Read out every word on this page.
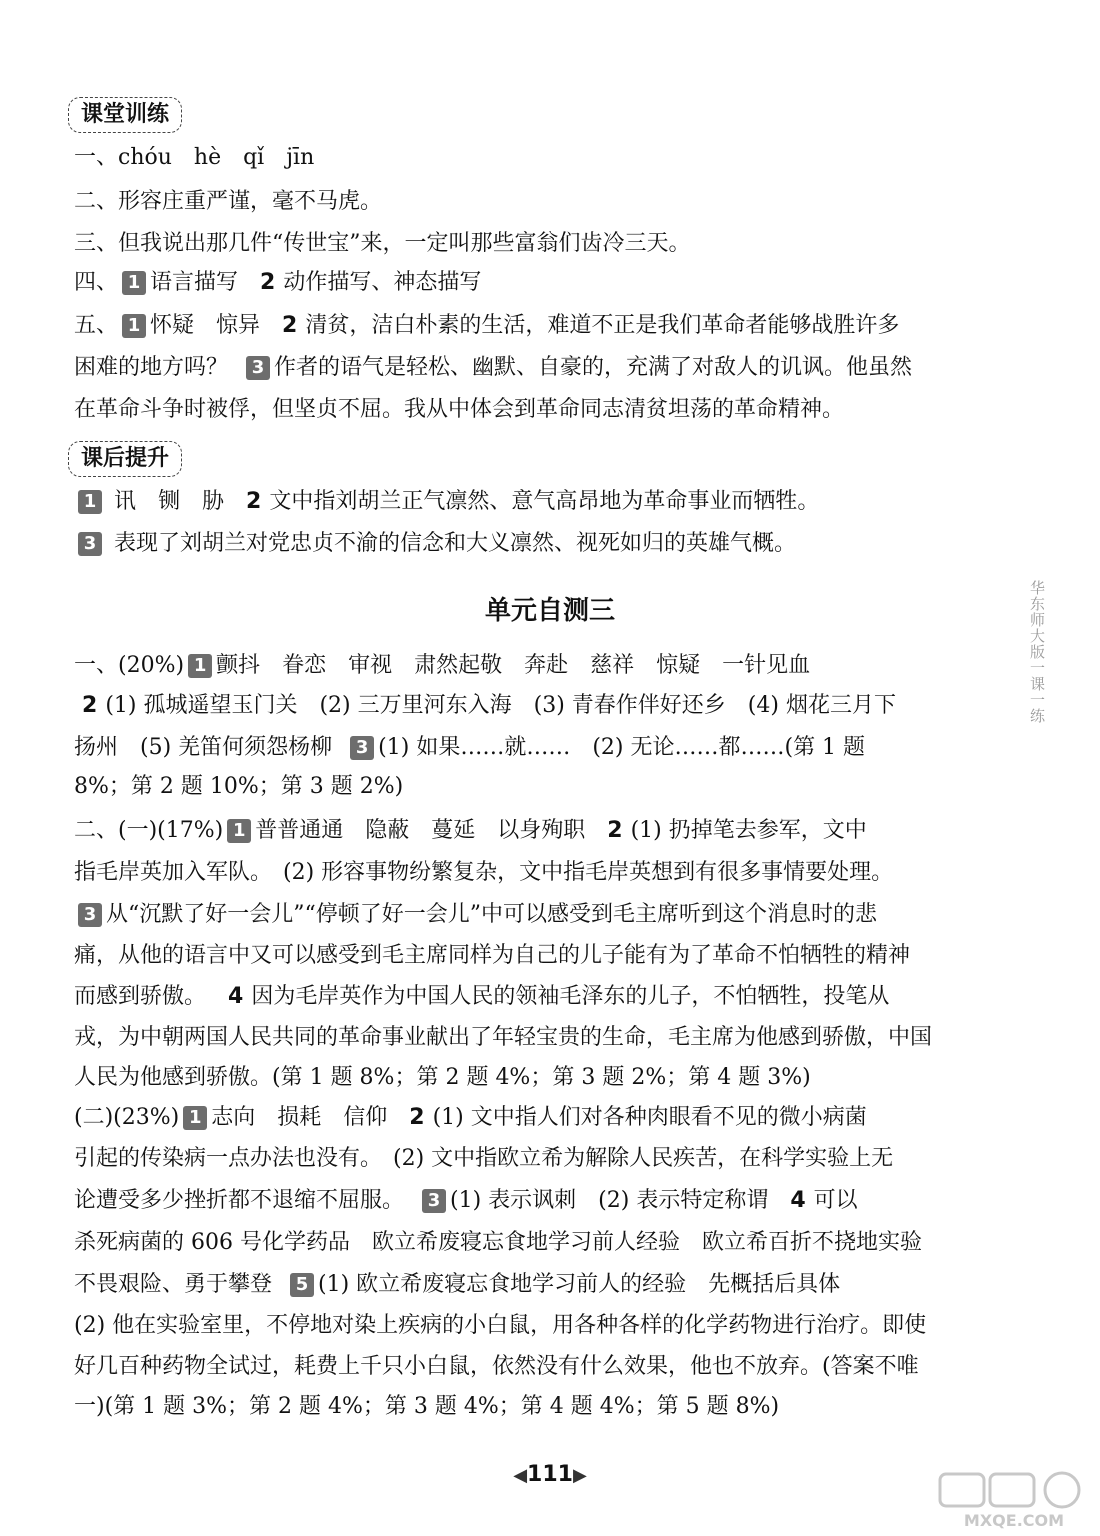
课堂训练
一、chóu　hè　qǐ　jīn
二、形容庄重严谨，毫不马虎。
三、但我说出那几件“传世宝”来，一定叫那些富翁们齿冷三天。
四、 1 语言描写 2 动作描写、神态描写
五、 1 怀疑　惊异 2 清贫，洁白朴素的生活，难道不正是我们革命者能够战胜许多
困难的地方吗？ 3 作者的语气是轻松、幽默、自豪的，充满了对敌人的讥讽。他虽然
在革命斗争时被俘，但坚贞不屈。我从中体会到革命同志清贫坦荡的革命精神。
课后提升
1 讯　铡　胁 2 文中指刘胡兰正气凛然、意气高昂地为革命事业而牺牲。
3 表现了刘胡兰对党忠贞不渝的信念和大义凛然、视死如归的英雄气概。
单元自测三
一、(20%) 1 颤抖　眷恋　审视　肃然起敬　奔赴　慈祥　惊疑　一针见血
2 (1) 孤城遥望玉门关　(2) 三万里河东入海　(3) 青春作伴好还乡　(4) 烟花三月下
扬州　(5) 羌笛何须怨杨柳 3 (1) 如果……就……　(2) 无论……都……(第 1 题
8%；第 2 题 10%；第 3 题 2%)
二、(一)(17%) 1 普普通通　隐蔽　蔓延　以身殉职 2 (1) 扔掉笔去参军，文中
指毛岸英加入军队。　(2) 形容事物纷繁复杂，文中指毛岸英想到有很多事情要处理。
3 从“沉默了好一会儿”“停顿了好一会儿”中可以感受到毛主席听到这个消息时的悲
痛，从他的语言中又可以感受到毛主席同样为自己的儿子能有为了革命不怕牺牲的精神
而感到骄傲。 4 因为毛岸英作为中国人民的领袖毛泽东的儿子，不怕牺牲，投笔从
戎，为中朝两国人民共同的革命事业献出了年轻宝贵的生命，毛主席为他感到骄傲，中国
人民为他感到骄傲。(第 1 题 8%；第 2 题 4%；第 3 题 2%；第 4 题 3%)
(二)(23%) 1 志向　损耗　信仰 2 (1) 文中指人们对各种肉眼看不见的微小病菌
引起的传染病一点办法也没有。　(2) 文中指欧立希为解除人民疾苦，在科学实验上无
论遭受多少挫折都不退缩不屈服。 3 (1) 表示讽刺　(2) 表示特定称谓 4 可以
杀死病菌的 606 号化学药品　欧立希废寝忘食地学习前人经验　欧立希百折不挠地实验
不畏艰险、勇于攀登 5 (1) 欧立希废寝忘食地学习前人的经验　先概括后具体
(2) 他在实验室里，不停地对染上疾病的小白鼠，用各种各样的化学药物进行治疗。即使
好几百种药物全试过，耗费上千只小白鼠，依然没有什么效果，他也不放弃。(答案不唯
一)(第 1 题 3%；第 2 题 4%；第 3 题 4%；第 4 题 4%；第 5 题 8%)
华东师大版一课一练
◀111▶
MXQE.COM
